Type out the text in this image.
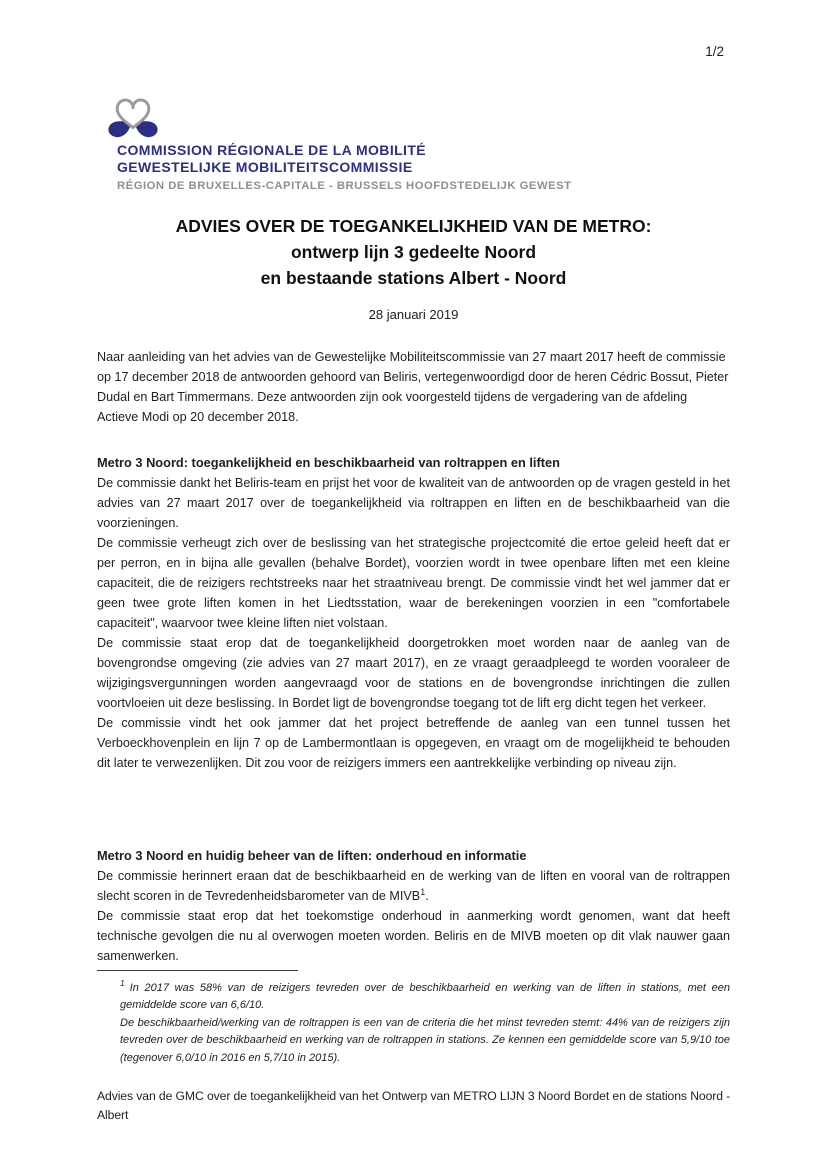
1/2
COMMISSION RÉGIONALE DE LA MOBILITÉ
GEWESTELIJKE MOBILITEITSCOMMISSIE
RÉGION DE BRUXELLES-CAPITALE - BRUSSELS HOOFDSTEDELIJK GEWEST
ADVIES OVER DE TOEGANKELIJKHEID VAN DE METRO:
ontwerp lijn 3 gedeelte Noord
en bestaande stations Albert - Noord
28 januari 2019

Naar aanleiding van het advies van de Gewestelijke Mobiliteitscommissie van 27 maart 2017 heeft de commissie op 17 december 2018 de antwoorden gehoord van Beliris, vertegenwoordigd door de heren Cédric Bossut, Pieter Dudal en Bart Timmermans. Deze antwoorden zijn ook voorgesteld tijdens de vergadering van de afdeling Actieve Modi op 20 december 2018.

Metro 3 Noord: toegankelijkheid en beschikbaarheid van roltrappen en liften

De commissie dankt het Beliris-team en prijst het voor de kwaliteit van de antwoorden op de vragen gesteld in het advies van 27 maart 2017 over de toegankelijkheid via roltrappen en liften en de beschikbaarheid van die voorzieningen.

De commissie verheugt zich over de beslissing van het strategische projectcomité die ertoe geleid heeft dat er per perron, en in bijna alle gevallen (behalve Bordet), voorzien wordt in twee openbare liften met een kleine capaciteit, die de reizigers rechtstreeks naar het straatniveau brengt. De commissie vindt het wel jammer dat er geen twee grote liften komen in het Liedtsstation, waar de berekeningen voorzien in een "comfortabele capaciteit", waarvoor twee kleine liften niet volstaan.

De commissie staat erop dat de toegankelijkheid doorgetrokken moet worden naar de aanleg van de bovengrondse omgeving (zie advies van 27 maart 2017), en ze vraagt geraadpleegd te worden vooraleer de wijzigingsvergunningen worden aangevraagd voor de stations en de bovengrondse inrichtingen die zullen voortvloeien uit deze beslissing. In Bordet ligt de bovengrondse toegang tot de lift erg dicht tegen het verkeer.

De commissie vindt het ook jammer dat het project betreffende de aanleg van een tunnel tussen het Verboeckhovenplein en lijn 7 op de Lambermontlaan is opgegeven, en vraagt om de mogelijkheid te behouden dit later te verwezenlijken. Dit zou voor de reizigers immers een aantrekkelijke verbinding op niveau zijn.

Metro 3 Noord en huidig beheer van de liften: onderhoud en informatie

De commissie herinnert eraan dat de beschikbaarheid en de werking van de liften en vooral van de roltrappen slecht scoren in de Tevredenheidsbarometer van de MIVB$^1$.

De commissie staat erop dat het toekomstige onderhoud in aanmerking wordt genomen, want dat heeft technische gevolgen die nu al overwogen moeten worden. Beliris en de MIVB moeten op dit vlak nauwer gaan samenwerken.

$^1$ In 2017 was 58% van de reizigers tevreden over de beschikbaarheid en werking van de liften in stations, met een gemiddelde score van 6,6/10.

De beschikbaarheid/werking van de roltrappen is een van de criteria die het minst tevreden stemt: 44% van de reizigers zijn tevreden over de beschikbaarheid en werking van de roltrappen in stations. Ze kennen een gemiddelde score van 5,9/10 toe (tegenover 6,0/10 in 2016 en 5,7/10 in 2015).

Advies van de GMC over de toegankelijkheid van het Ontwerp van METRO LIJN 3 Noord Bordet en de stations Noord -
Albert
